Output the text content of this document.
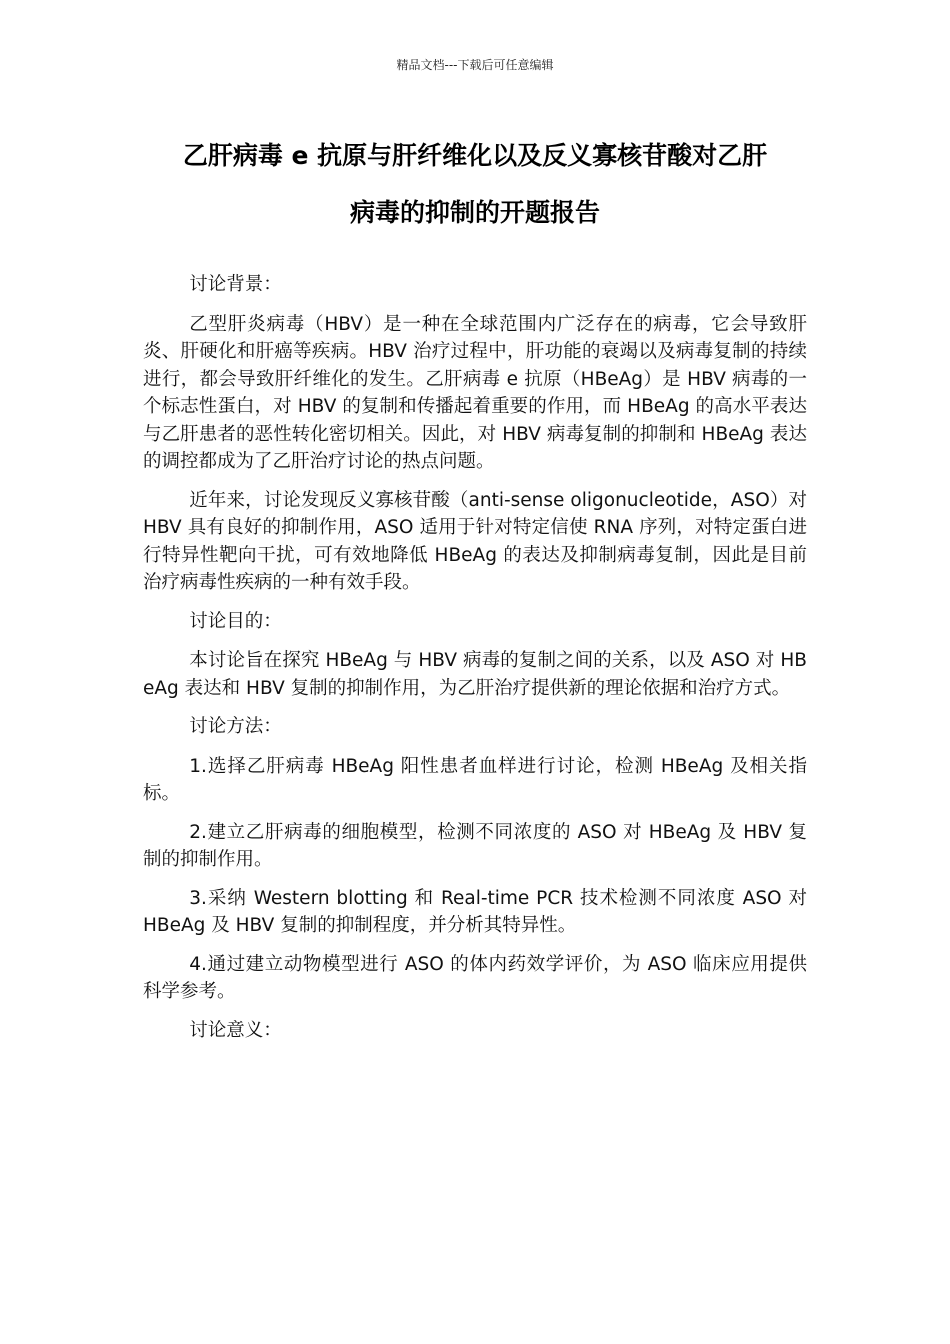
精品文档---下载后可任意编辑
乙肝病毒 e 抗原与肝纤维化以及反义寡核苷酸对乙肝
病毒的抑制的开题报告

讨论背景：

乙型肝炎病毒（HBV）是一种在全球范围内广泛存在的病毒，它会导致肝炎、肝硬化和肝癌等疾病。HBV 治疗过程中，肝功能的衰竭以及病毒复制的持续进行，都会导致肝纤维化的发生。乙肝病毒 e 抗原（HBeAg）是 HBV 病毒的一个标志性蛋白，对 HBV 的复制和传播起着重要的作用，而 HBeAg 的高水平表达与乙肝患者的恶性转化密切相关。因此，对 HBV 病毒复制的抑制和 HBeAg 表达的调控都成为了乙肝治疗讨论的热点问题。

近年来，讨论发现反义寡核苷酸（anti-sense oligonucleotide，ASO）对 HBV 具有良好的抑制作用，ASO 适用于针对特定信使 RNA 序列，对特定蛋白进行特异性靶向干扰，可有效地降低 HBeAg 的表达及抑制病毒复制，因此是目前治疗病毒性疾病的一种有效手段。

讨论目的：

本讨论旨在探究 HBeAg 与 HBV 病毒的复制之间的关系，以及 ASO 对 HBeAg 表达和 HBV 复制的抑制作用，为乙肝治疗提供新的理论依据和治疗方式。

讨论方法：

1.选择乙肝病毒 HBeAg 阳性患者血样进行讨论，检测 HBeAg 及相关指标。

2.建立乙肝病毒的细胞模型，检测不同浓度的 ASO 对 HBeAg 及 HBV 复制的抑制作用。

3.采纳 Western blotting 和 Real-time PCR 技术检测不同浓度 ASO 对 HBeAg 及 HBV 复制的抑制程度，并分析其特异性。

4.通过建立动物模型进行 ASO 的体内药效学评价，为 ASO 临床应用提供科学参考。

讨论意义：
